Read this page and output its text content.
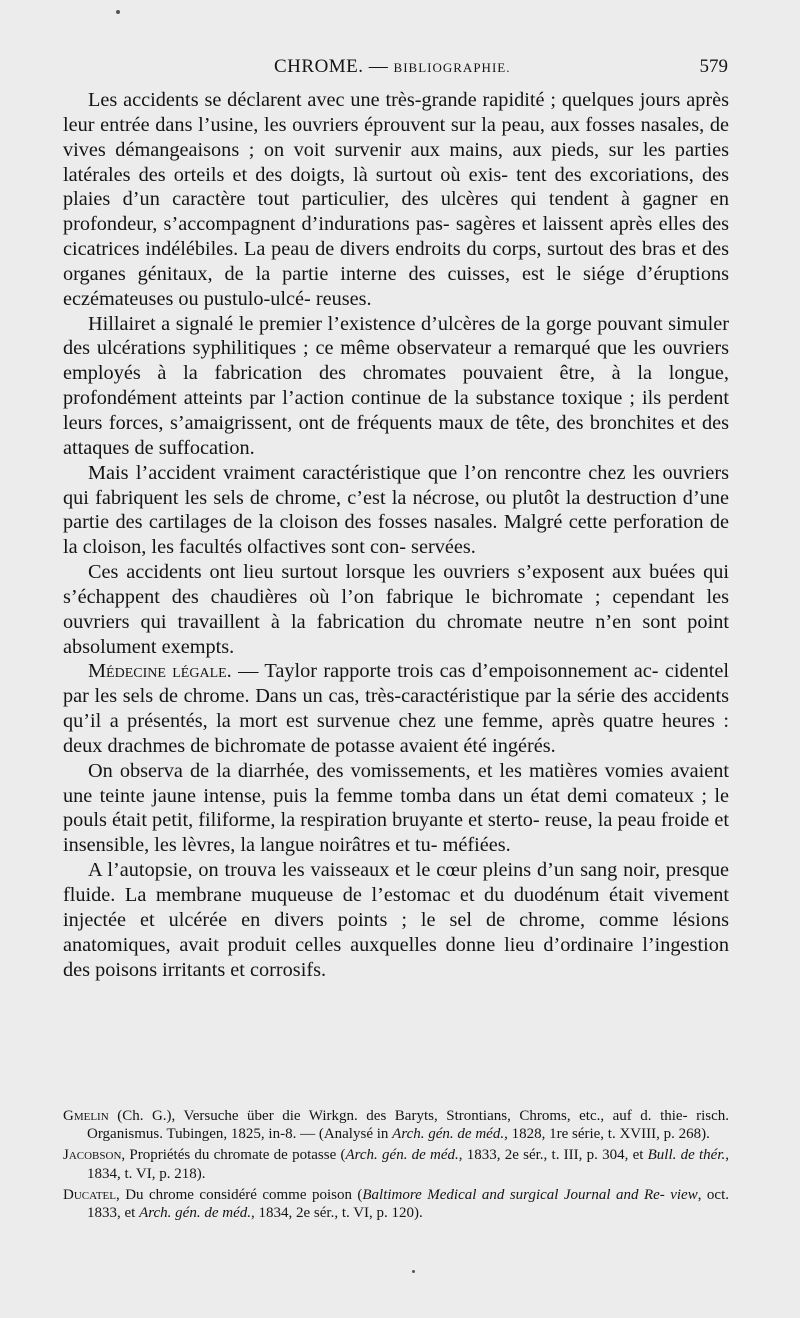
CHROME. — BIBLIOGRAPHIE.	579

Les accidents se déclarent avec une très-grande rapidité ; quelques jours après leur entrée dans l’usine, les ouvriers éprouvent sur la peau, aux fosses nasales, de vives démangeaisons ; on voit survenir aux mains, aux pieds, sur les parties latérales des orteils et des doigts, là surtout où exis- tent des excoriations, des plaies d’un caractère tout particulier, des ulcères qui tendent à gagner en profondeur, s’accompagnent d’indurations pas- sagères et laissent après elles des cicatrices indélébiles. La peau de divers endroits du corps, surtout des bras et des organes génitaux, de la partie interne des cuisses, est le siége d’éruptions eczémateuses ou pustulo-ulcé- reuses.

Hillairet a signalé le premier l’existence d’ulcères de la gorge pouvant simuler des ulcérations syphilitiques ; ce même observateur a remarqué que les ouvriers employés à la fabrication des chromates pouvaient être, à la longue, profondément atteints par l’action continue de la substance toxique ; ils perdent leurs forces, s’amaigrissent, ont de fréquents maux de tête, des bronchites et des attaques de suffocation.

Mais l’accident vraiment caractéristique que l’on rencontre chez les ouvriers qui fabriquent les sels de chrome, c’est la nécrose, ou plutôt la destruction d’une partie des cartilages de la cloison des fosses nasales. Malgré cette perforation de la cloison, les facultés olfactives sont con- servées.

Ces accidents ont lieu surtout lorsque les ouvriers s’exposent aux buées qui s’échappent des chaudières où l’on fabrique le bichromate ; cependant les ouvriers qui travaillent à la fabrication du chromate neutre n’en sont point absolument exempts.

Médecine légale. — Taylor rapporte trois cas d’empoisonnement ac- cidentel par les sels de chrome. Dans un cas, très-caractéristique par la série des accidents qu’il a présentés, la mort est survenue chez une femme, après quatre heures : deux drachmes de bichromate de potasse avaient été ingérés.

On observa de la diarrhée, des vomissements, et les matières vomies avaient une teinte jaune intense, puis la femme tomba dans un état demi comateux ; le pouls était petit, filiforme, la respiration bruyante et sterto- reuse, la peau froide et insensible, les lèvres, la langue noirâtres et tu- méfiées.

A l’autopsie, on trouva les vaisseaux et le cœur pleins d’un sang noir, presque fluide. La membrane muqueuse de l’estomac et du duodénum était vivement injectée et ulcérée en divers points ; le sel de chrome, comme lésions anatomiques, avait produit celles auxquelles donne lieu d’ordinaire l’ingestion des poisons irritants et corrosifs.

Gmelin (Ch. G.), Versuche über die Wirkgn. des Baryts, Strontians, Chroms, etc., auf d. thie- risch. Organismus. Tubingen, 1825, in-8. — (Analysé in Arch. gén. de méd., 1828, 1re série, t. XVIII, p. 268).

Jacobson, Propriétés du chromate de potasse (Arch. gén. de méd., 1833, 2e sér., t. III, p. 304, et Bull. de thér., 1834, t. VI, p. 218).

Ducatel, Du chrome considéré comme poison (Baltimore Medical and surgical Journal and Re- view, oct. 1833, et Arch. gén. de méd., 1834, 2e sér., t. VI, p. 120).
